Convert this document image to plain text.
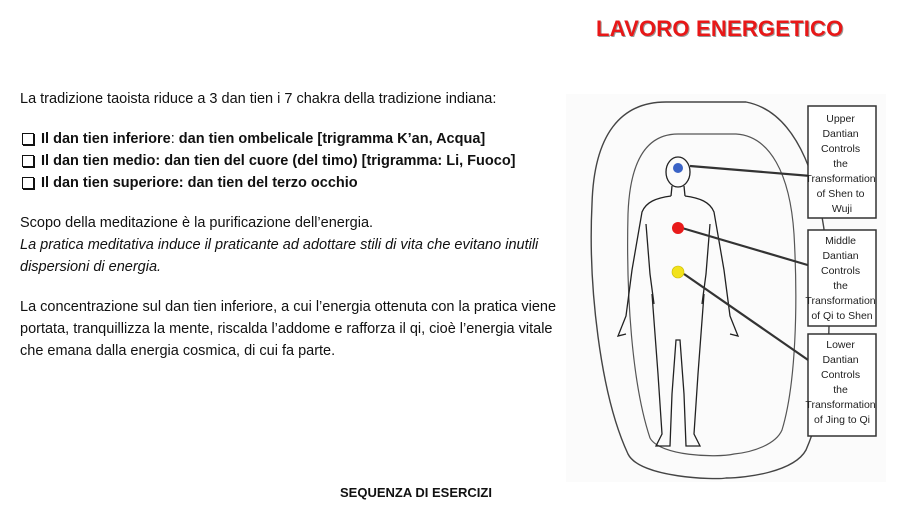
LAVORO ENERGETICO

La tradizione taoista riduce a 3 dan tien i 7 chakra della tradizione indiana:

Il dan tien inferiore: dan tien ombelicale [trigramma K’an, Acqua]
Il dan tien medio: dan tien del cuore (del timo) [trigramma: Li, Fuoco]
Il dan tien superiore: dan tien del terzo occhio

Scopo della meditazione è la purificazione dell’energia.

La pratica meditativa induce il praticante ad adottare stili di vita che evitano inutili dispersioni di energia.

La concentrazione sul dan tien inferiore, a cui l’energia ottenuta con la pratica viene portata, tranquillizza la mente, riscalda l’addome e rafforza il qi, cioè l’energia vitale che emana dalla energia cosmica, di cui fa parte.

Upper Dantian Controls the Transformation of Shen to Wuji
Middle Dantian Controls the Transformation of Qi to Shen
Lower Dantian Controls the Transformation of Jing to Qi
SEQUENZA DI ESERCIZI
